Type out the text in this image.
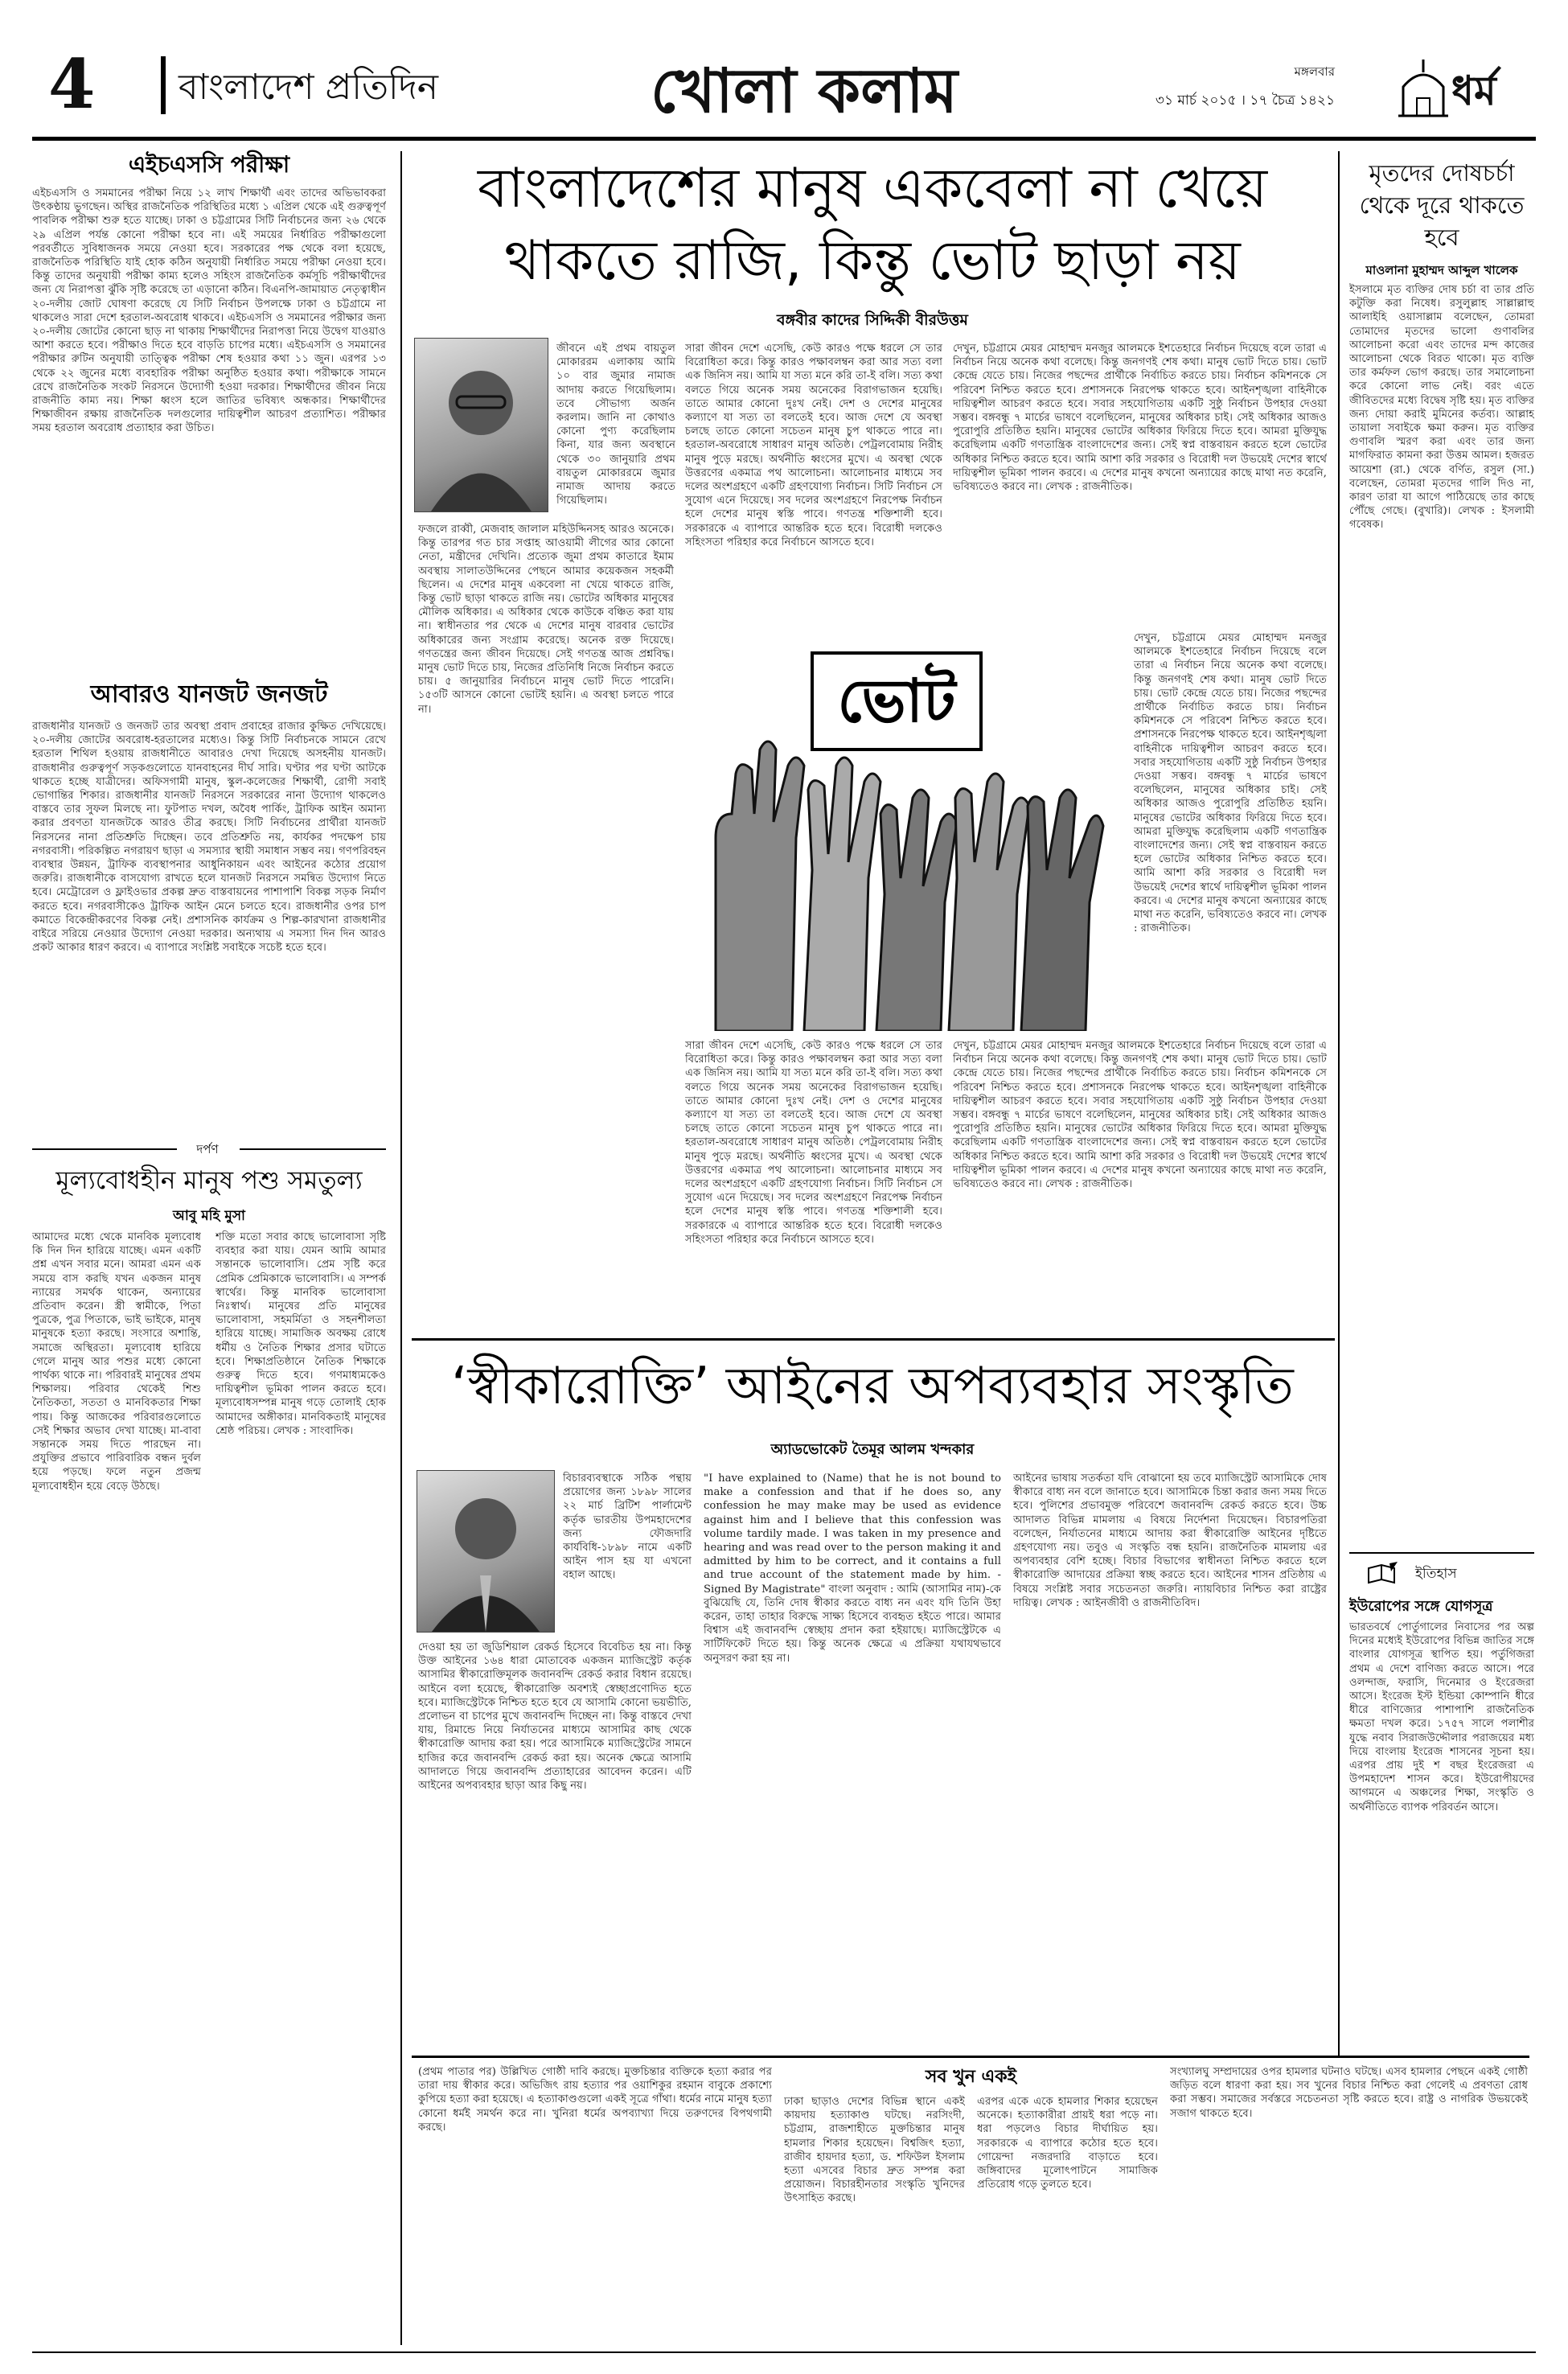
4 বাংলাদেশ প্রতিদিন	খোলা কলাম	মঙ্গলবার
৩১ মার্চ ২০১৫ । ১৭ চৈত্র ১৪২১	ধর্ম
এইচএসসি পরীক্ষা
এইচএসসি ও সমমানের পরীক্ষা নিয়ে ১২ লাখ শিক্ষার্থী এবং তাদের অভিভাবকরা উৎকণ্ঠায় ভুগছেন। অস্থির রাজনৈতিক পরিস্থিতির মধ্যে ১ এপ্রিল থেকে এই গুরুত্বপূর্ণ পাবলিক পরীক্ষা শুরু হতে যাচ্ছে। ঢাকা ও চট্টগ্রামের সিটি নির্বাচনের জন্য ২৬ থেকে ২৯ এপ্রিল পর্যন্ত কোনো পরীক্ষা হবে না। এই সময়ের নির্ধারিত পরীক্ষাগুলো পরবর্তীতে সুবিধাজনক সময়ে নেওয়া হবে। সরকারের পক্ষ থেকে বলা হয়েছে, রাজনৈতিক পরিস্থিতি যাই হোক কঠিন অনুযায়ী নির্ধারিত সময়ে পরীক্ষা নেওয়া হবে। কিন্তু তাদের অনুযায়ী পরীক্ষা কাম্য হলেও সহিংস রাজনৈতিক কর্মসূচি পরীক্ষার্থীদের জন্য যে নিরাপত্তা ঝুঁকি সৃষ্টি করেছে তা এড়ানো কঠিন। বিএনপি-জামায়াত নেতৃত্বাধীন ২০-দলীয় জোট ঘোষণা করেছে যে সিটি নির্বাচন উপলক্ষে ঢাকা ও চট্টগ্রামে না থাকলেও সারা দেশে হরতাল-অবরোধ থাকবে। এইচএসসি ও সমমানের পরীক্ষার জন্য ২০-দলীয় জোটের কোনো ছাড় না থাকায় শিক্ষার্থীদের নিরাপত্তা নিয়ে উদ্বেগ যাওয়াও আশা করতে হবে। পরীক্ষাও দিতে হবে বাড়তি চাপের মধ্যে। এইচএসসি ও সমমানের পরীক্ষার রুটিন অনুযায়ী তাত্ত্বিক পরীক্ষা শেষ হওয়ার কথা ১১ জুন। এরপর ১৩ থেকে ২২ জুনের মধ্যে ব্যবহারিক পরীক্ষা অনুষ্ঠিত হওয়ার কথা। পরীক্ষাকে সামনে রেখে রাজনৈতিক সংকট নিরসনে উদ্যোগী হওয়া দরকার। শিক্ষার্থীদের জীবন নিয়ে রাজনীতি কাম্য নয়। শিক্ষা ধ্বংস হলে জাতির ভবিষ্যৎ অন্ধকার। শিক্ষার্থীদের শিক্ষাজীবন রক্ষায় রাজনৈতিক দলগুলোর দায়িত্বশীল আচরণ প্রত্যাশিত। পরীক্ষার সময় হরতাল অবরোধ প্রত্যাহার করা উচিত।
আবারও যানজট জনজট
রাজধানীর যানজট ও জনজট তার অবস্থা প্রবাদ প্রবাহের রাজার কুক্ষিত দেখিয়েছে। ২০-দলীয় জোটের অবরোধ-হরতালের মধ্যেও। কিন্তু সিটি নির্বাচনকে সামনে রেখে হরতাল শিথিল হওয়ায় রাজধানীতে আবারও দেখা দিয়েছে অসহনীয় যানজট। রাজধানীর গুরুত্বপূর্ণ সড়কগুলোতে যানবাহনের দীর্ঘ সারি। ঘণ্টার পর ঘণ্টা আটকে থাকতে হচ্ছে যাত্রীদের। অফিসগামী মানুষ, স্কুল-কলেজের শিক্ষার্থী, রোগী সবাই ভোগান্তির শিকার। রাজধানীর যানজট নিরসনে সরকারের নানা উদ্যোগ থাকলেও বাস্তবে তার সুফল মিলছে না। ফুটপাত দখল, অবৈধ পার্কিং, ট্রাফিক আইন অমান্য করার প্রবণতা যানজটকে আরও তীব্র করছে। সিটি নির্বাচনের প্রার্থীরা যানজট নিরসনের নানা প্রতিশ্রুতি দিচ্ছেন। তবে প্রতিশ্রুতি নয়, কার্যকর পদক্ষেপ চায় নগরবাসী। পরিকল্পিত নগরায়ণ ছাড়া এ সমস্যার স্থায়ী সমাধান সম্ভব নয়। গণপরিবহন ব্যবস্থার উন্নয়ন, ট্রাফিক ব্যবস্থাপনার আধুনিকায়ন এবং আইনের কঠোর প্রয়োগ জরুরি। রাজধানীকে বাসযোগ্য রাখতে হলে যানজট নিরসনে সমন্বিত উদ্যোগ নিতে হবে। মেট্রোরেল ও ফ্লাইওভার প্রকল্প দ্রুত বাস্তবায়নের পাশাপাশি বিকল্প সড়ক নির্মাণ করতে হবে। নগরবাসীকেও ট্রাফিক আইন মেনে চলতে হবে। রাজধানীর ওপর চাপ কমাতে বিকেন্দ্রীকরণের বিকল্প নেই। প্রশাসনিক কার্যক্রম ও শিল্প-কারখানা রাজধানীর বাইরে সরিয়ে নেওয়ার উদ্যোগ নেওয়া দরকার। অন্যথায় এ সমস্যা দিন দিন আরও প্রকট আকার ধারণ করবে। এ ব্যাপারে সংশ্লিষ্ট সবাইকে সচেষ্ট হতে হবে।
দর্পণ
মূল্যবোধহীন মানুষ পশু সমতুল্য
আবু মহি মুসা
আমাদের মধ্যে থেকে মানবিক মূল্যবোধ কি দিন দিন হারিয়ে যাচ্ছে। এমন একটি প্রশ্ন এখন সবার মনে। আমরা এমন এক সময়ে বাস করছি যখন একজন মানুষ ন্যায়ের সমর্থক থাকেন, অন্যায়ের প্রতিবাদ করেন। স্ত্রী স্বামীকে, পিতা পুত্রকে, পুত্র পিতাকে, ভাই ভাইকে, মানুষ মানুষকে হত্যা করছে। সংসারে অশান্তি, সমাজে অস্থিরতা। মূল্যবোধ হারিয়ে গেলে মানুষ আর পশুর মধ্যে কোনো পার্থক্য থাকে না। পরিবারই মানুষের প্রথম শিক্ষালয়। পরিবার থেকেই শিশু নৈতিকতা, সততা ও মানবিকতার শিক্ষা পায়। কিন্তু আজকের পরিবারগুলোতে সেই শিক্ষার অভাব দেখা যাচ্ছে। মা-বাবা সন্তানকে সময় দিতে পারছেন না। প্রযুক্তির প্রভাবে পারিবারিক বন্ধন দুর্বল হয়ে পড়ছে। ফলে নতুন প্রজন্ম মূল্যবোধহীন হয়ে বেড়ে উঠছে।
শক্তি মতো সবার কাছে ভালোবাসা সৃষ্টি ব্যবহার করা যায়। যেমন আমি আমার সন্তানকে ভালোবাসি। প্রেম সৃষ্টি করে প্রেমিক প্রেমিকাকে ভালোবাসি। এ সম্পর্ক স্বার্থের। কিন্তু মানবিক ভালোবাসা নিঃস্বার্থ। মানুষের প্রতি মানুষের ভালোবাসা, সহমর্মিতা ও সহনশীলতা হারিয়ে যাচ্ছে। সামাজিক অবক্ষয় রোধে ধর্মীয় ও নৈতিক শিক্ষার প্রসার ঘটাতে হবে। শিক্ষাপ্রতিষ্ঠানে নৈতিক শিক্ষাকে গুরুত্ব দিতে হবে। গণমাধ্যমকেও দায়িত্বশীল ভূমিকা পালন করতে হবে। মূল্যবোধসম্পন্ন মানুষ গড়ে তোলাই হোক আমাদের অঙ্গীকার। মানবিকতাই মানুষের শ্রেষ্ঠ পরিচয়। লেখক : সাংবাদিক।
বাংলাদেশের মানুষ একবেলা না খেয়ে থাকতে রাজি, কিন্তু ভোট ছাড়া নয়
বঙ্গবীর কাদের সিদ্দিকী বীরউত্তম
জীবনে এই প্রথম বায়তুল মোকাররম এলাকায় আমি ১০ বার জুমার নামাজ আদায় করতে গিয়েছিলাম। তবে সৌভাগ্য অর্জন করলাম। জানি না কোথাও কোনো পুণ্য করেছিলাম কিনা, যার জন্য অবস্থানে থেকে ৩০ জানুয়ারি প্রথম বায়তুল মোকাররমে জুমার নামাজ আদায় করতে গিয়েছিলাম।
ফজলে রাব্বী, মেজবাহ জালাল মহিউদ্দিনসহ আরও অনেকে। কিন্তু তারপর গত চার সপ্তাহ আওয়ামী লীগের আর কোনো নেতা, মন্ত্রীদের দেখিনি। প্রত্যেক জুমা প্রথম কাতারে ইমাম অবস্থায় সালাতউদ্দিনের পেছনে আমার কয়েকজন সহকর্মী ছিলেন। এ দেশের মানুষ একবেলা না খেয়ে থাকতে রাজি, কিন্তু ভোট ছাড়া থাকতে রাজি নয়। ভোটের অধিকার মানুষের মৌলিক অধিকার। এ অধিকার থেকে কাউকে বঞ্চিত করা যায় না। স্বাধীনতার পর থেকে এ দেশের মানুষ বারবার ভোটের অধিকারের জন্য সংগ্রাম করেছে। অনেক রক্ত দিয়েছে। গণতন্ত্রের জন্য জীবন দিয়েছে। সেই গণতন্ত্র আজ প্রশ্নবিদ্ধ। মানুষ ভোট দিতে চায়, নিজের প্রতিনিধি নিজে নির্বাচন করতে চায়। ৫ জানুয়ারির নির্বাচনে মানুষ ভোট দিতে পারেনি। ১৫৩টি আসনে কোনো ভোটই হয়নি। এ অবস্থা চলতে পারে না।
সারা জীবন দেশে এসেছি, কেউ কারও পক্ষে ধরলে সে তার বিরোধিতা করে। কিন্তু কারও পক্ষাবলম্বন করা আর সত্য বলা এক জিনিস নয়। আমি যা সত্য মনে করি তা-ই বলি। সত্য কথা বলতে গিয়ে অনেক সময় অনেকের বিরাগভাজন হয়েছি। তাতে আমার কোনো দুঃখ নেই। দেশ ও দেশের মানুষের কল্যাণে যা সত্য তা বলতেই হবে। আজ দেশে যে অবস্থা চলছে তাতে কোনো সচেতন মানুষ চুপ থাকতে পারে না। হরতাল-অবরোধে সাধারণ মানুষ অতিষ্ঠ। পেট্রলবোমায় নিরীহ মানুষ পুড়ে মরছে। অর্থনীতি ধ্বংসের মুখে। এ অবস্থা থেকে উত্তরণের একমাত্র পথ আলোচনা। আলোচনার মাধ্যমে সব দলের অংশগ্রহণে একটি গ্রহণযোগ্য নির্বাচন। সিটি নির্বাচন সে সুযোগ এনে দিয়েছে। সব দলের অংশগ্রহণে নিরপেক্ষ নির্বাচন হলে দেশের মানুষ স্বস্তি পাবে। গণতন্ত্র শক্তিশালী হবে। সরকারকে এ ব্যাপারে আন্তরিক হতে হবে। বিরোধী দলকেও সহিংসতা পরিহার করে নির্বাচনে আসতে হবে।
ভোট
সারা জীবন দেশে এসেছি, কেউ কারও পক্ষে ধরলে সে তার বিরোধিতা করে। কিন্তু কারও পক্ষাবলম্বন করা আর সত্য বলা এক জিনিস নয়। আমি যা সত্য মনে করি তা-ই বলি। সত্য কথা বলতে গিয়ে অনেক সময় অনেকের বিরাগভাজন হয়েছি। তাতে আমার কোনো দুঃখ নেই। দেশ ও দেশের মানুষের কল্যাণে যা সত্য তা বলতেই হবে। আজ দেশে যে অবস্থা চলছে তাতে কোনো সচেতন মানুষ চুপ থাকতে পারে না। হরতাল-অবরোধে সাধারণ মানুষ অতিষ্ঠ। পেট্রলবোমায় নিরীহ মানুষ পুড়ে মরছে। অর্থনীতি ধ্বংসের মুখে। এ অবস্থা থেকে উত্তরণের একমাত্র পথ আলোচনা। আলোচনার মাধ্যমে সব দলের অংশগ্রহণে একটি গ্রহণযোগ্য নির্বাচন। সিটি নির্বাচন সে সুযোগ এনে দিয়েছে। সব দলের অংশগ্রহণে নিরপেক্ষ নির্বাচন হলে দেশের মানুষ স্বস্তি পাবে। গণতন্ত্র শক্তিশালী হবে। সরকারকে এ ব্যাপারে আন্তরিক হতে হবে। বিরোধী দলকেও সহিংসতা পরিহার করে নির্বাচনে আসতে হবে।
দেখুন, চট্টগ্রামে মেয়র মোহাম্মদ মনজুর আলমকে ইশতেহারে নির্বাচন দিয়েছে বলে তারা এ নির্বাচন নিয়ে অনেক কথা বলেছে। কিন্তু জনগণই শেষ কথা। মানুষ ভোট দিতে চায়। ভোট কেন্দ্রে যেতে চায়। নিজের পছন্দের প্রার্থীকে নির্বাচিত করতে চায়। নির্বাচন কমিশনকে সে পরিবেশ নিশ্চিত করতে হবে। প্রশাসনকে নিরপেক্ষ থাকতে হবে। আইনশৃঙ্খলা বাহিনীকে দায়িত্বশীল আচরণ করতে হবে। সবার সহযোগিতায় একটি সুষ্ঠু নির্বাচন উপহার দেওয়া সম্ভব। বঙ্গবন্ধু ৭ মার্চের ভাষণে বলেছিলেন, মানুষের অধিকার চাই। সেই অধিকার আজও পুরোপুরি প্রতিষ্ঠিত হয়নি। মানুষের ভোটের অধিকার ফিরিয়ে দিতে হবে। আমরা মুক্তিযুদ্ধ করেছিলাম একটি গণতান্ত্রিক বাংলাদেশের জন্য। সেই স্বপ্ন বাস্তবায়ন করতে হলে ভোটের অধিকার নিশ্চিত করতে হবে। আমি আশা করি সরকার ও বিরোধী দল উভয়েই দেশের স্বার্থে দায়িত্বশীল ভূমিকা পালন করবে। এ দেশের মানুষ কখনো অন্যায়ের কাছে মাথা নত করেনি, ভবিষ্যতেও করবে না। লেখক : রাজনীতিক।
দেখুন, চট্টগ্রামে মেয়র মোহাম্মদ মনজুর আলমকে ইশতেহারে নির্বাচন দিয়েছে বলে তারা এ নির্বাচন নিয়ে অনেক কথা বলেছে। কিন্তু জনগণই শেষ কথা। মানুষ ভোট দিতে চায়। ভোট কেন্দ্রে যেতে চায়। নিজের পছন্দের প্রার্থীকে নির্বাচিত করতে চায়। নির্বাচন কমিশনকে সে পরিবেশ নিশ্চিত করতে হবে। প্রশাসনকে নিরপেক্ষ থাকতে হবে। আইনশৃঙ্খলা বাহিনীকে দায়িত্বশীল আচরণ করতে হবে। সবার সহযোগিতায় একটি সুষ্ঠু নির্বাচন উপহার দেওয়া সম্ভব। বঙ্গবন্ধু ৭ মার্চের ভাষণে বলেছিলেন, মানুষের অধিকার চাই। সেই অধিকার আজও পুরোপুরি প্রতিষ্ঠিত হয়নি। মানুষের ভোটের অধিকার ফিরিয়ে দিতে হবে। আমরা মুক্তিযুদ্ধ করেছিলাম একটি গণতান্ত্রিক বাংলাদেশের জন্য। সেই স্বপ্ন বাস্তবায়ন করতে হলে ভোটের অধিকার নিশ্চিত করতে হবে। আমি আশা করি সরকার ও বিরোধী দল উভয়েই দেশের স্বার্থে দায়িত্বশীল ভূমিকা পালন করবে। এ দেশের মানুষ কখনো অন্যায়ের কাছে মাথা নত করেনি, ভবিষ্যতেও করবে না। লেখক : রাজনীতিক।
দেখুন, চট্টগ্রামে মেয়র মোহাম্মদ মনজুর আলমকে ইশতেহারে নির্বাচন দিয়েছে বলে তারা এ নির্বাচন নিয়ে অনেক কথা বলেছে। কিন্তু জনগণই শেষ কথা। মানুষ ভোট দিতে চায়। ভোট কেন্দ্রে যেতে চায়। নিজের পছন্দের প্রার্থীকে নির্বাচিত করতে চায়। নির্বাচন কমিশনকে সে পরিবেশ নিশ্চিত করতে হবে। প্রশাসনকে নিরপেক্ষ থাকতে হবে। আইনশৃঙ্খলা বাহিনীকে দায়িত্বশীল আচরণ করতে হবে। সবার সহযোগিতায় একটি সুষ্ঠু নির্বাচন উপহার দেওয়া সম্ভব। বঙ্গবন্ধু ৭ মার্চের ভাষণে বলেছিলেন, মানুষের অধিকার চাই। সেই অধিকার আজও পুরোপুরি প্রতিষ্ঠিত হয়নি। মানুষের ভোটের অধিকার ফিরিয়ে দিতে হবে। আমরা মুক্তিযুদ্ধ করেছিলাম একটি গণতান্ত্রিক বাংলাদেশের জন্য। সেই স্বপ্ন বাস্তবায়ন করতে হলে ভোটের অধিকার নিশ্চিত করতে হবে। আমি আশা করি সরকার ও বিরোধী দল উভয়েই দেশের স্বার্থে দায়িত্বশীল ভূমিকা পালন করবে। এ দেশের মানুষ কখনো অন্যায়ের কাছে মাথা নত করেনি, ভবিষ্যতেও করবে না। লেখক : রাজনীতিক।
‘স্বীকারোক্তি’ আইনের অপব্যবহার সংস্কৃতি
অ্যাডভোকেট তৈমূর আলম খন্দকার
বিচারব্যবস্থাকে সঠিক পন্থায় প্রয়োগের জন্য ১৮৯৮ সালের ২২ মার্চ ব্রিটিশ পার্লামেন্ট কর্তৃক ভারতীয় উপমহাদেশের জন্য ফৌজদারি কার্যবিধি-১৮৯৮ নামে একটি আইন পাস হয় যা এখনো বহাল আছে।
দেওয়া হয় তা জুডিশিয়াল রেকর্ড হিসেবে বিবেচিত হয় না। কিন্তু উক্ত আইনের ১৬৪ ধারা মোতাবেক একজন ম্যাজিস্ট্রেট কর্তৃক আসামির স্বীকারোক্তিমূলক জবানবন্দি রেকর্ড করার বিধান রয়েছে। আইনে বলা হয়েছে, স্বীকারোক্তি অবশ্যই স্বেচ্ছাপ্রণোদিত হতে হবে। ম্যাজিস্ট্রেটকে নিশ্চিত হতে হবে যে আসামি কোনো ভয়ভীতি, প্রলোভন বা চাপের মুখে জবানবন্দি দিচ্ছেন না। কিন্তু বাস্তবে দেখা যায়, রিমান্ডে নিয়ে নির্যাতনের মাধ্যমে আসামির কাছ থেকে স্বীকারোক্তি আদায় করা হয়। পরে আসামিকে ম্যাজিস্ট্রেটের সামনে হাজির করে জবানবন্দি রেকর্ড করা হয়। অনেক ক্ষেত্রে আসামি আদালতে গিয়ে জবানবন্দি প্রত্যাহারের আবেদন করেন। এটি আইনের অপব্যবহার ছাড়া আর কিছু নয়।
"I have explained to (Name) that he is not bound to make a confession and that if he does so, any confession he may make may be used as evidence against him and I believe that this confession was volume tardily made. I was taken in my presence and hearing and was read over to the person making it and admitted by him to be correct, and it contains a full and true account of the statement made by him. -Signed By Magistrate" বাংলা অনুবাদ : আমি (আসামির নাম)-কে বুঝিয়েছি যে, তিনি দোষ স্বীকার করতে বাধ্য নন এবং যদি তিনি উহা করেন, তাহা তাহার বিরুদ্ধে সাক্ষ্য হিসেবে ব্যবহৃত হইতে পারে। আমার বিশ্বাস এই জবানবন্দি স্বেচ্ছায় প্রদান করা হইয়াছে। ম্যাজিস্ট্রেটকে এ সার্টিফিকেট দিতে হয়। কিন্তু অনেক ক্ষেত্রে এ প্রক্রিয়া যথাযথভাবে অনুসরণ করা হয় না।
আইনের ভাষায় সতর্কতা যদি বোঝানো হয় তবে ম্যাজিস্ট্রেট আসামিকে দোষ স্বীকারে বাধ্য নন বলে জানাতে হবে। আসামিকে চিন্তা করার জন্য সময় দিতে হবে। পুলিশের প্রভাবমুক্ত পরিবেশে জবানবন্দি রেকর্ড করতে হবে। উচ্চ আদালত বিভিন্ন মামলায় এ বিষয়ে নির্দেশনা দিয়েছেন। বিচারপতিরা বলেছেন, নির্যাতনের মাধ্যমে আদায় করা স্বীকারোক্তি আইনের দৃষ্টিতে গ্রহণযোগ্য নয়। তবুও এ সংস্কৃতি বন্ধ হয়নি। রাজনৈতিক মামলায় এর অপব্যবহার বেশি হচ্ছে। বিচার বিভাগের স্বাধীনতা নিশ্চিত করতে হলে স্বীকারোক্তি আদায়ের প্রক্রিয়া স্বচ্ছ করতে হবে। আইনের শাসন প্রতিষ্ঠায় এ বিষয়ে সংশ্লিষ্ট সবার সচেতনতা জরুরি। ন্যায়বিচার নিশ্চিত করা রাষ্ট্রের দায়িত্ব। লেখক : আইনজীবী ও রাজনীতিবিদ।
(প্রথম পাতার পর) উল্লিখিত গোষ্ঠী দাবি করছে। মুক্তচিন্তার ব্যক্তিকে হত্যা করার পর তারা দায় স্বীকার করে। অভিজিৎ রায় হত্যার পর ওয়াশিকুর রহমান বাবুকে প্রকাশ্যে কুপিয়ে হত্যা করা হয়েছে। এ হত্যাকাণ্ডগুলো একই সূত্রে গাঁথা। ধর্মের নামে মানুষ হত্যা কোনো ধর্মই সমর্থন করে না। খুনিরা ধর্মের অপব্যাখ্যা দিয়ে তরুণদের বিপথগামী করছে।
সব খুন একই
ঢাকা ছাড়াও দেশের বিভিন্ন স্থানে একই কায়দায় হত্যাকাণ্ড ঘটছে। নরসিংদী, চট্টগ্রাম, রাজশাহীতে মুক্তচিন্তার মানুষ হামলার শিকার হয়েছেন। বিশ্বজিৎ হত্যা, রাজীব হায়দার হত্যা, ড. শফিউল ইসলাম হত্যা এসবের বিচার দ্রুত সম্পন্ন করা প্রয়োজন। বিচারহীনতার সংস্কৃতি খুনিদের উৎসাহিত করছে।
এরপর একে একে হামলার শিকার হয়েছেন অনেকে। হত্যাকারীরা প্রায়ই ধরা পড়ে না। ধরা পড়লেও বিচার দীর্ঘায়িত হয়। সরকারকে এ ব্যাপারে কঠোর হতে হবে। গোয়েন্দা নজরদারি বাড়াতে হবে। জঙ্গিবাদের মূলোৎপাটনে সামাজিক প্রতিরোধ গড়ে তুলতে হবে।
সংখ্যালঘু সম্প্রদায়ের ওপর হামলার ঘটনাও ঘটছে। এসব হামলার পেছনে একই গোষ্ঠী জড়িত বলে ধারণা করা হয়। সব খুনের বিচার নিশ্চিত করা গেলেই এ প্রবণতা রোধ করা সম্ভব। সমাজের সর্বস্তরে সচেতনতা সৃষ্টি করতে হবে। রাষ্ট্র ও নাগরিক উভয়কেই সজাগ থাকতে হবে।
মৃতদের দোষচর্চা থেকে দূরে থাকতে হবে
মাওলানা মুহাম্মদ আব্দুল খালেক
ইসলামে মৃত ব্যক্তির দোষ চর্চা বা তার প্রতি কটুক্তি করা নিষেধ। রসুলুল্লাহ সাল্লাল্লাহু আলাইহি ওয়াসাল্লাম বলেছেন, তোমরা তোমাদের মৃতদের ভালো গুণাবলির আলোচনা করো এবং তাদের মন্দ কাজের আলোচনা থেকে বিরত থাকো। মৃত ব্যক্তি তার কর্মফল ভোগ করছে। তার সমালোচনা করে কোনো লাভ নেই। বরং এতে জীবিতদের মধ্যে বিদ্বেষ সৃষ্টি হয়। মৃত ব্যক্তির জন্য দোয়া করাই মুমিনের কর্তব্য। আল্লাহ তায়ালা সবাইকে ক্ষমা করুন। মৃত ব্যক্তির গুণাবলি স্মরণ করা এবং তার জন্য মাগফিরাত কামনা করা উত্তম আমল। হজরত আয়েশা (রা.) থেকে বর্ণিত, রসুল (সা.) বলেছেন, তোমরা মৃতদের গালি দিও না, কারণ তারা যা আগে পাঠিয়েছে তার কাছে পৌঁছে গেছে। (বুখারি)। লেখক : ইসলামী গবেষক।
ইতিহাস
ইউরোপের সঙ্গে যোগসূত্র
ভারতবর্ষে পোর্তুগালের নিবাসের পর অল্প দিনের মধ্যেই ইউরোপের বিভিন্ন জাতির সঙ্গে বাংলার যোগসূত্র স্থাপিত হয়। পর্তুগিজরা প্রথম এ দেশে বাণিজ্য করতে আসে। পরে ওলন্দাজ, ফরাসি, দিনেমার ও ইংরেজরা আসে। ইংরেজ ইস্ট ইন্ডিয়া কোম্পানি ধীরে ধীরে বাণিজ্যের পাশাপাশি রাজনৈতিক ক্ষমতা দখল করে। ১৭৫৭ সালে পলাশীর যুদ্ধে নবাব সিরাজউদ্দৌলার পরাজয়ের মধ্য দিয়ে বাংলায় ইংরেজ শাসনের সূচনা হয়। এরপর প্রায় দুই শ বছর ইংরেজরা এ উপমহাদেশ শাসন করে। ইউরোপীয়দের আগমনে এ অঞ্চলের শিক্ষা, সংস্কৃতি ও অর্থনীতিতে ব্যাপক পরিবর্তন আসে।
